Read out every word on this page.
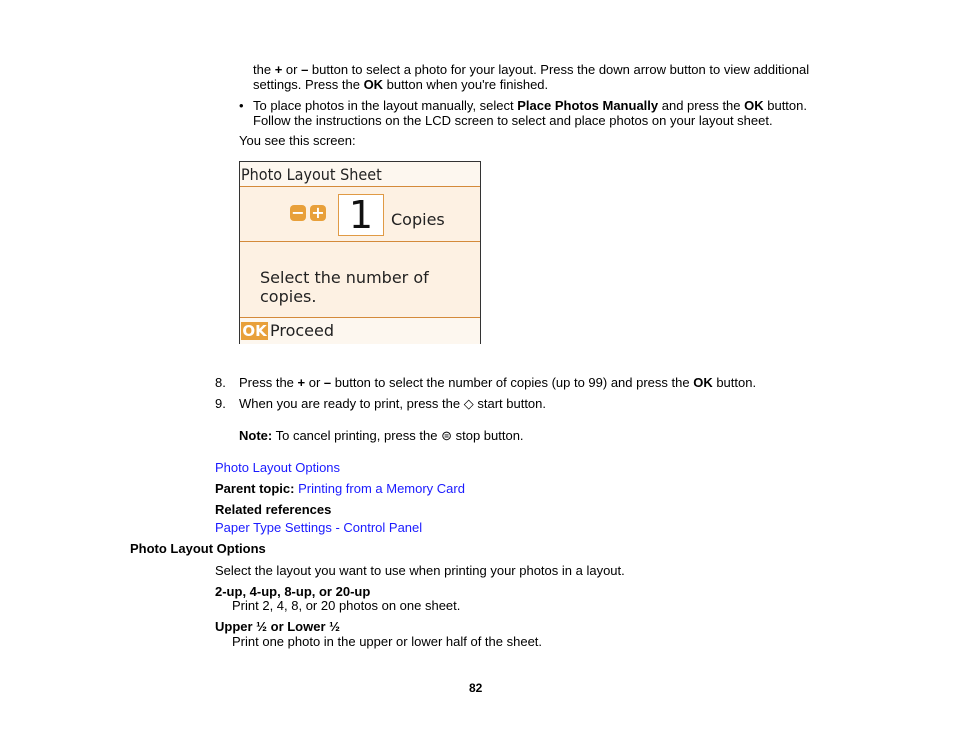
the + or – button to select a photo for your layout. Press the down arrow button to view additional
settings. Press the OK button when you're finished.
• To place photos in the layout manually, select Place Photos Manually and press the OK button.
Follow the instructions on the LCD screen to select and place photos on your layout sheet.
You see this screen:
Photo Layout Sheet
− + 1	Copies
Select the number of copies.
OK Proceed
8. Press the + or – button to select the number of copies (up to 99) and press the OK button.
9. When you are ready to print, press the ◇ start button.
Note: To cancel printing, press the ⊜ stop button.
Photo Layout Options
Parent topic: Printing from a Memory Card
Related references
Paper Type Settings - Control Panel
Photo Layout Options
Select the layout you want to use when printing your photos in a layout.
2-up, 4-up, 8-up, or 20-up
Print 2, 4, 8, or 20 photos on one sheet.
Upper ½ or Lower ½
Print one photo in the upper or lower half of the sheet.
82
